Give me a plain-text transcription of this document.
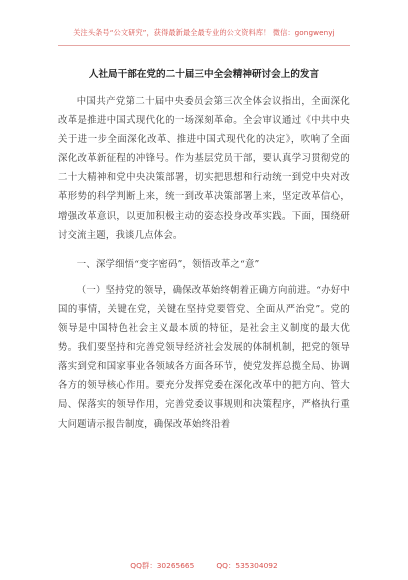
关注头条号“公文研究”，获得最新最全最专业的公文资料库！ 微信：gongwenyj
人社局干部在党的二十届三中全会精神研讨会上的发言

中国共产党第二十届中央委员会第三次全体会议指出，全面深化改革是推进中国式现代化的一场深刻革命。全会审议通过《中共中央关于进一步全面深化改革、推进中国式现代化的决定》，吹响了全面深化改革新征程的冲锋号。作为基层党员干部，要认真学习贯彻党的二十大精神和党中央决策部署，切实把思想和行动统一到党中央对改革形势的科学判断上来，统一到改革决策部署上来，坚定改革信心，增强改革意识，以更加积极主动的姿态投身改革实践。下面，围绕研讨交流主题，我谈几点体会。

一、深学细悟“变字密码”，领悟改革之“意”

（一）坚持党的领导，确保改革始终朝着正确方向前进。“办好中国的事情，关键在党，关键在坚持党要管党、全面从严治党”。党的领导是中国特色社会主义最本质的特征，是社会主义制度的最大优势。我们要坚持和完善党领导经济社会发展的体制机制，把党的领导落实到党和国家事业各领域各方面各环节，使党发挥总揽全局、协调各方的领导核心作用。要充分发挥党委在深化改革中的把方向、管大局、保落实的领导作用，完善党委议事规则和决策程序，严格执行重大问题请示报告制度，确保改革始终沿着

QQ群：30265665	QQ：535304092
